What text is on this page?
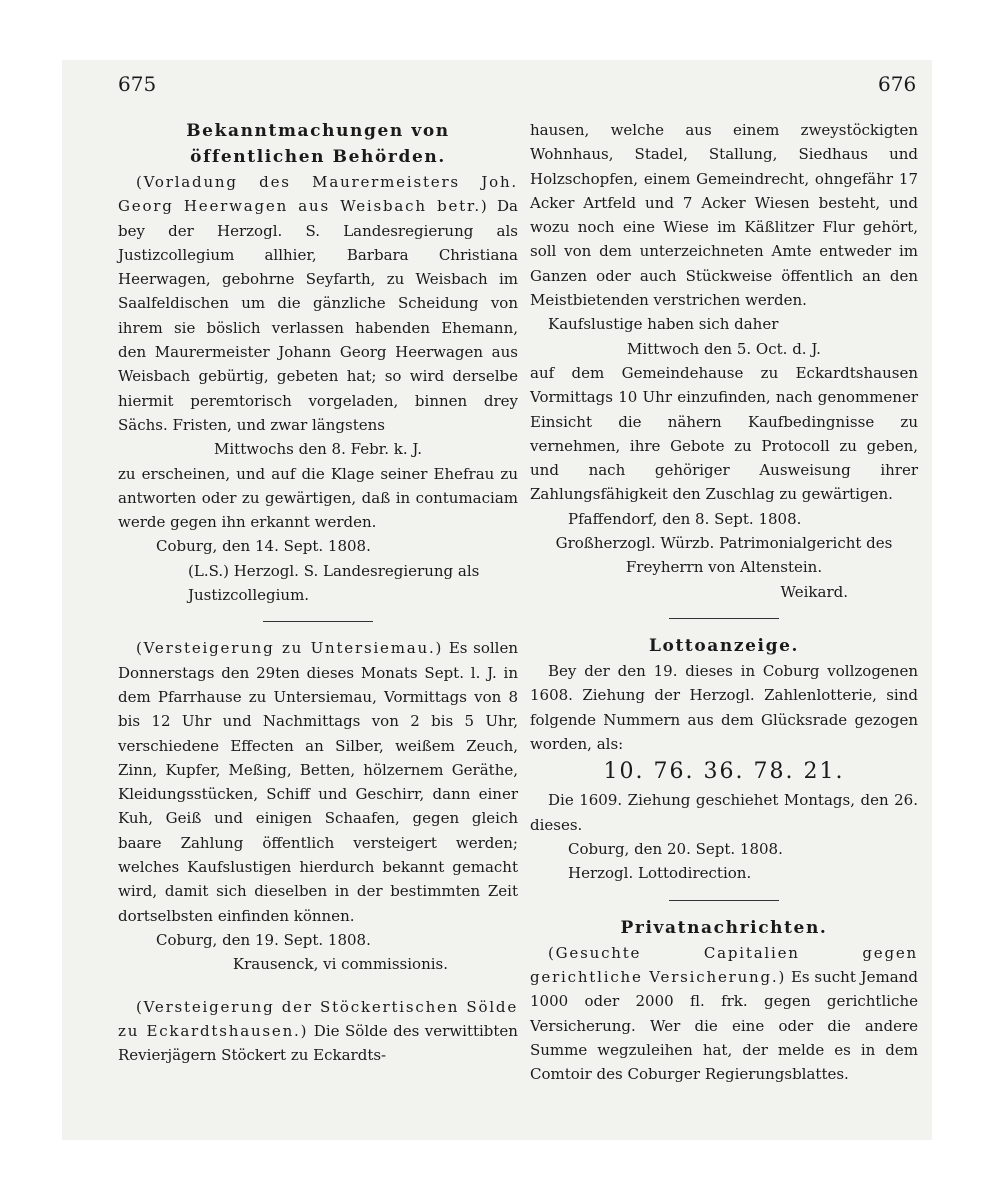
675	676

Bekanntmachungen von öffentlichen Behörden.

(Vorladung des Maurermeisters Joh. Georg Heerwagen aus Weisbach betr.) Da bey der Herzogl. S. Landesregierung als Justizcollegium allhier, Barbara Christiana Heerwagen, gebohrne Seyfarth, zu Weisbach im Saalfeldischen um die gänzliche Scheidung von ihrem sie böslich verlassen habenden Ehemann, den Maurermeister Johann Georg Heerwagen aus Weisbach gebürtig, gebeten hat; so wird derselbe hiermit peremtorisch vorgeladen, binnen drey Sächs. Fristen, und zwar längstens

Mittwochs den 8. Febr. k. J.

zu erscheinen, und auf die Klage seiner Ehefrau zu antworten oder zu gewärtigen, daß in contumaciam werde gegen ihn erkannt werden.

Coburg, den 14. Sept. 1808.

(L.S.) Herzogl. S. Landesregierung als Justizcollegium.

(Versteigerung zu Untersiemau.) Es sollen Donnerstags den 29ten dieses Monats Sept. l. J. in dem Pfarrhause zu Untersiemau, Vormittags von 8 bis 12 Uhr und Nachmittags von 2 bis 5 Uhr, verschiedene Effecten an Silber, weißem Zeuch, Zinn, Kupfer, Meßing, Betten, hölzernem Geräthe, Kleidungsstücken, Schiff und Geschirr, dann einer Kuh, Geiß und einigen Schaafen, gegen gleich baare Zahlung öffentlich versteigert werden; welches Kaufslustigen hierdurch bekannt gemacht wird, damit sich dieselben in der bestimmten Zeit dortselbsten einfinden können.

Coburg, den 19. Sept. 1808.

Krausenck, vi commissionis.

(Versteigerung der Stöckertischen Sölde zu Eckardtshausen.) Die Sölde des verwittibten Revierjägern Stöckert zu Eckardts-

hausen, welche aus einem zweystöckigten Wohnhaus, Stadel, Stallung, Siedhaus und Holzschopfen, einem Gemeindrecht, ohngefähr 17 Acker Artfeld und 7 Acker Wiesen besteht, und wozu noch eine Wiese im Käßlitzer Flur gehört, soll von dem unterzeichneten Amte entweder im Ganzen oder auch Stückweise öffentlich an den Meistbietenden verstrichen werden.

Kaufslustige haben sich daher

Mittwoch den 5. Oct. d. J.

auf dem Gemeindehause zu Eckardtshausen Vormittags 10 Uhr einzufinden, nach genommener Einsicht die nähern Kaufbedingnisse zu vernehmen, ihre Gebote zu Protocoll zu geben, und nach gehöriger Ausweisung ihrer Zahlungsfähigkeit den Zuschlag zu gewärtigen.

Pfaffendorf, den 8. Sept. 1808.

Großherzogl. Würzb. Patrimonialgericht des Freyherrn von Altenstein.

Weikard.

Lottoanzeige.

Bey der den 19. dieses in Coburg vollzogenen 1608. Ziehung der Herzogl. Zahlenlotterie, sind folgende Nummern aus dem Glücksrade gezogen worden, als:

10. 76. 36. 78. 21.

Die 1609. Ziehung geschiehet Montags, den 26. dieses.

Coburg, den 20. Sept. 1808.

Herzogl. Lottodirection.

Privatnachrichten.

(Gesuchte Capitalien gegen gerichtliche Versicherung.) Es sucht Jemand 1000 oder 2000 fl. frk. gegen gerichtliche Versicherung. Wer die eine oder die andere Summe wegzuleihen hat, der melde es in dem Comtoir des Coburger Regierungsblattes.
